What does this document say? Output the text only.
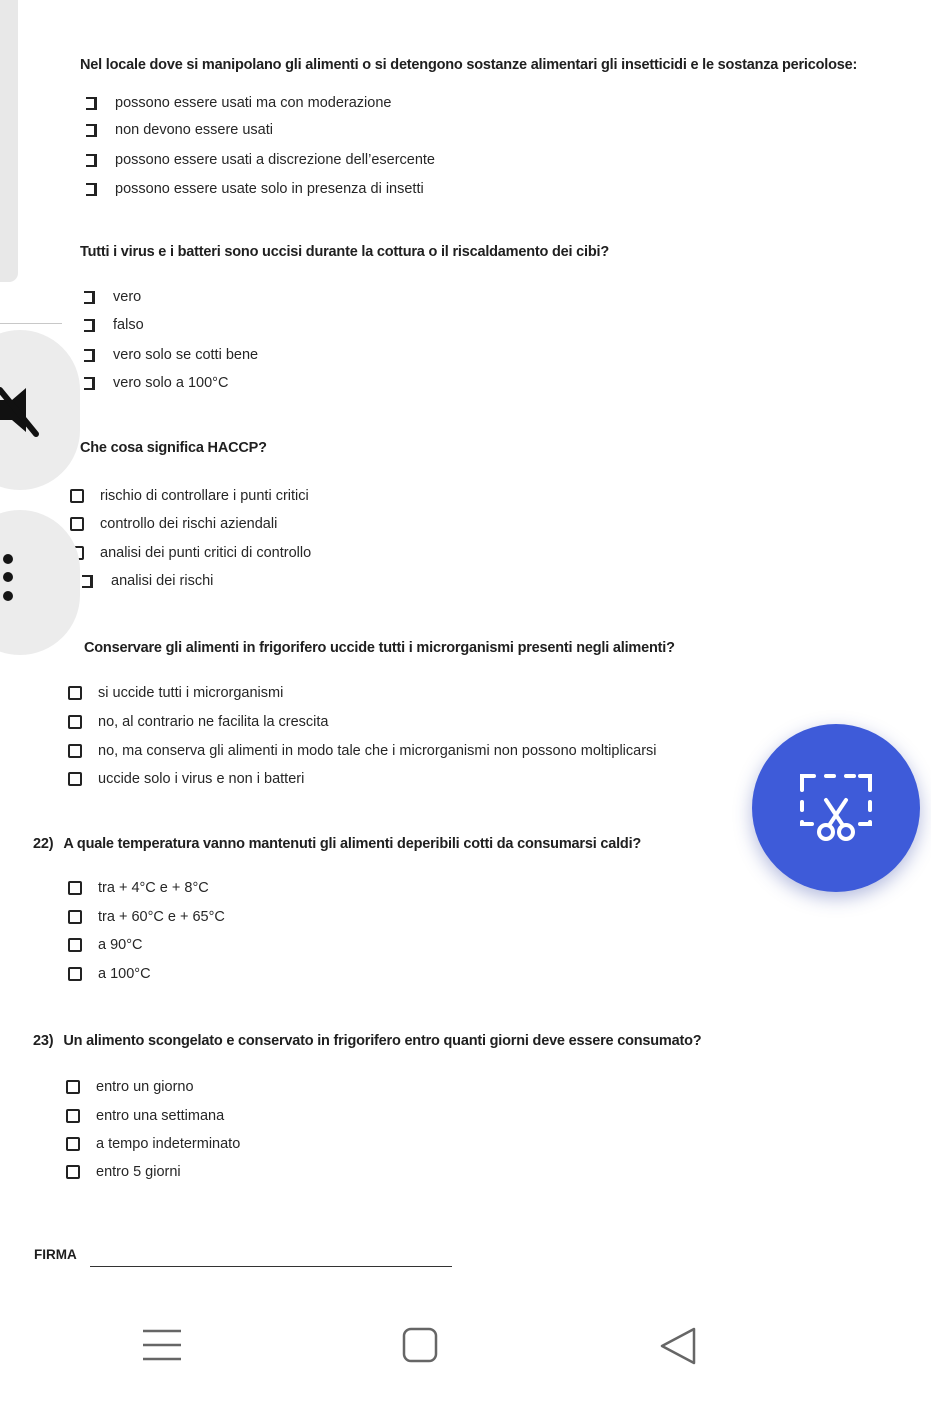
Nel locale dove si manipolano gli alimenti o si detengono sostanze alimentari gli insetticidi e le sostanza pericolose:
possono essere usati ma con moderazione
non devono essere usati
possono essere usati a discrezione dell’esercente
possono essere usate solo in presenza di insetti
Tutti i virus e i batteri sono uccisi durante la cottura o il riscaldamento dei cibi?
vero
falso
vero solo se cotti bene
vero solo a 100°C
Che cosa significa HACCP?
rischio di controllare i punti critici
controllo dei rischi aziendali
analisi dei punti critici di controllo
analisi dei rischi
Conservare gli alimenti in frigorifero uccide tutti i microrganismi presenti negli alimenti?
si uccide tutti i microrganismi
no, al contrario ne facilita la crescita
no, ma conserva gli alimenti in modo tale che i microrganismi non possono moltiplicarsi
uccide solo i virus e non i batteri
22) A quale temperatura vanno mantenuti gli alimenti deperibili cotti da consumarsi caldi?
tra + 4°C e + 8°C
tra + 60°C e + 65°C
a 90°C
a 100°C
23) Un alimento scongelato e conservato in frigorifero entro quanti giorni deve essere consumato?
entro un giorno
entro una settimana
a tempo indeterminato
entro 5 giorni
FIRMA
